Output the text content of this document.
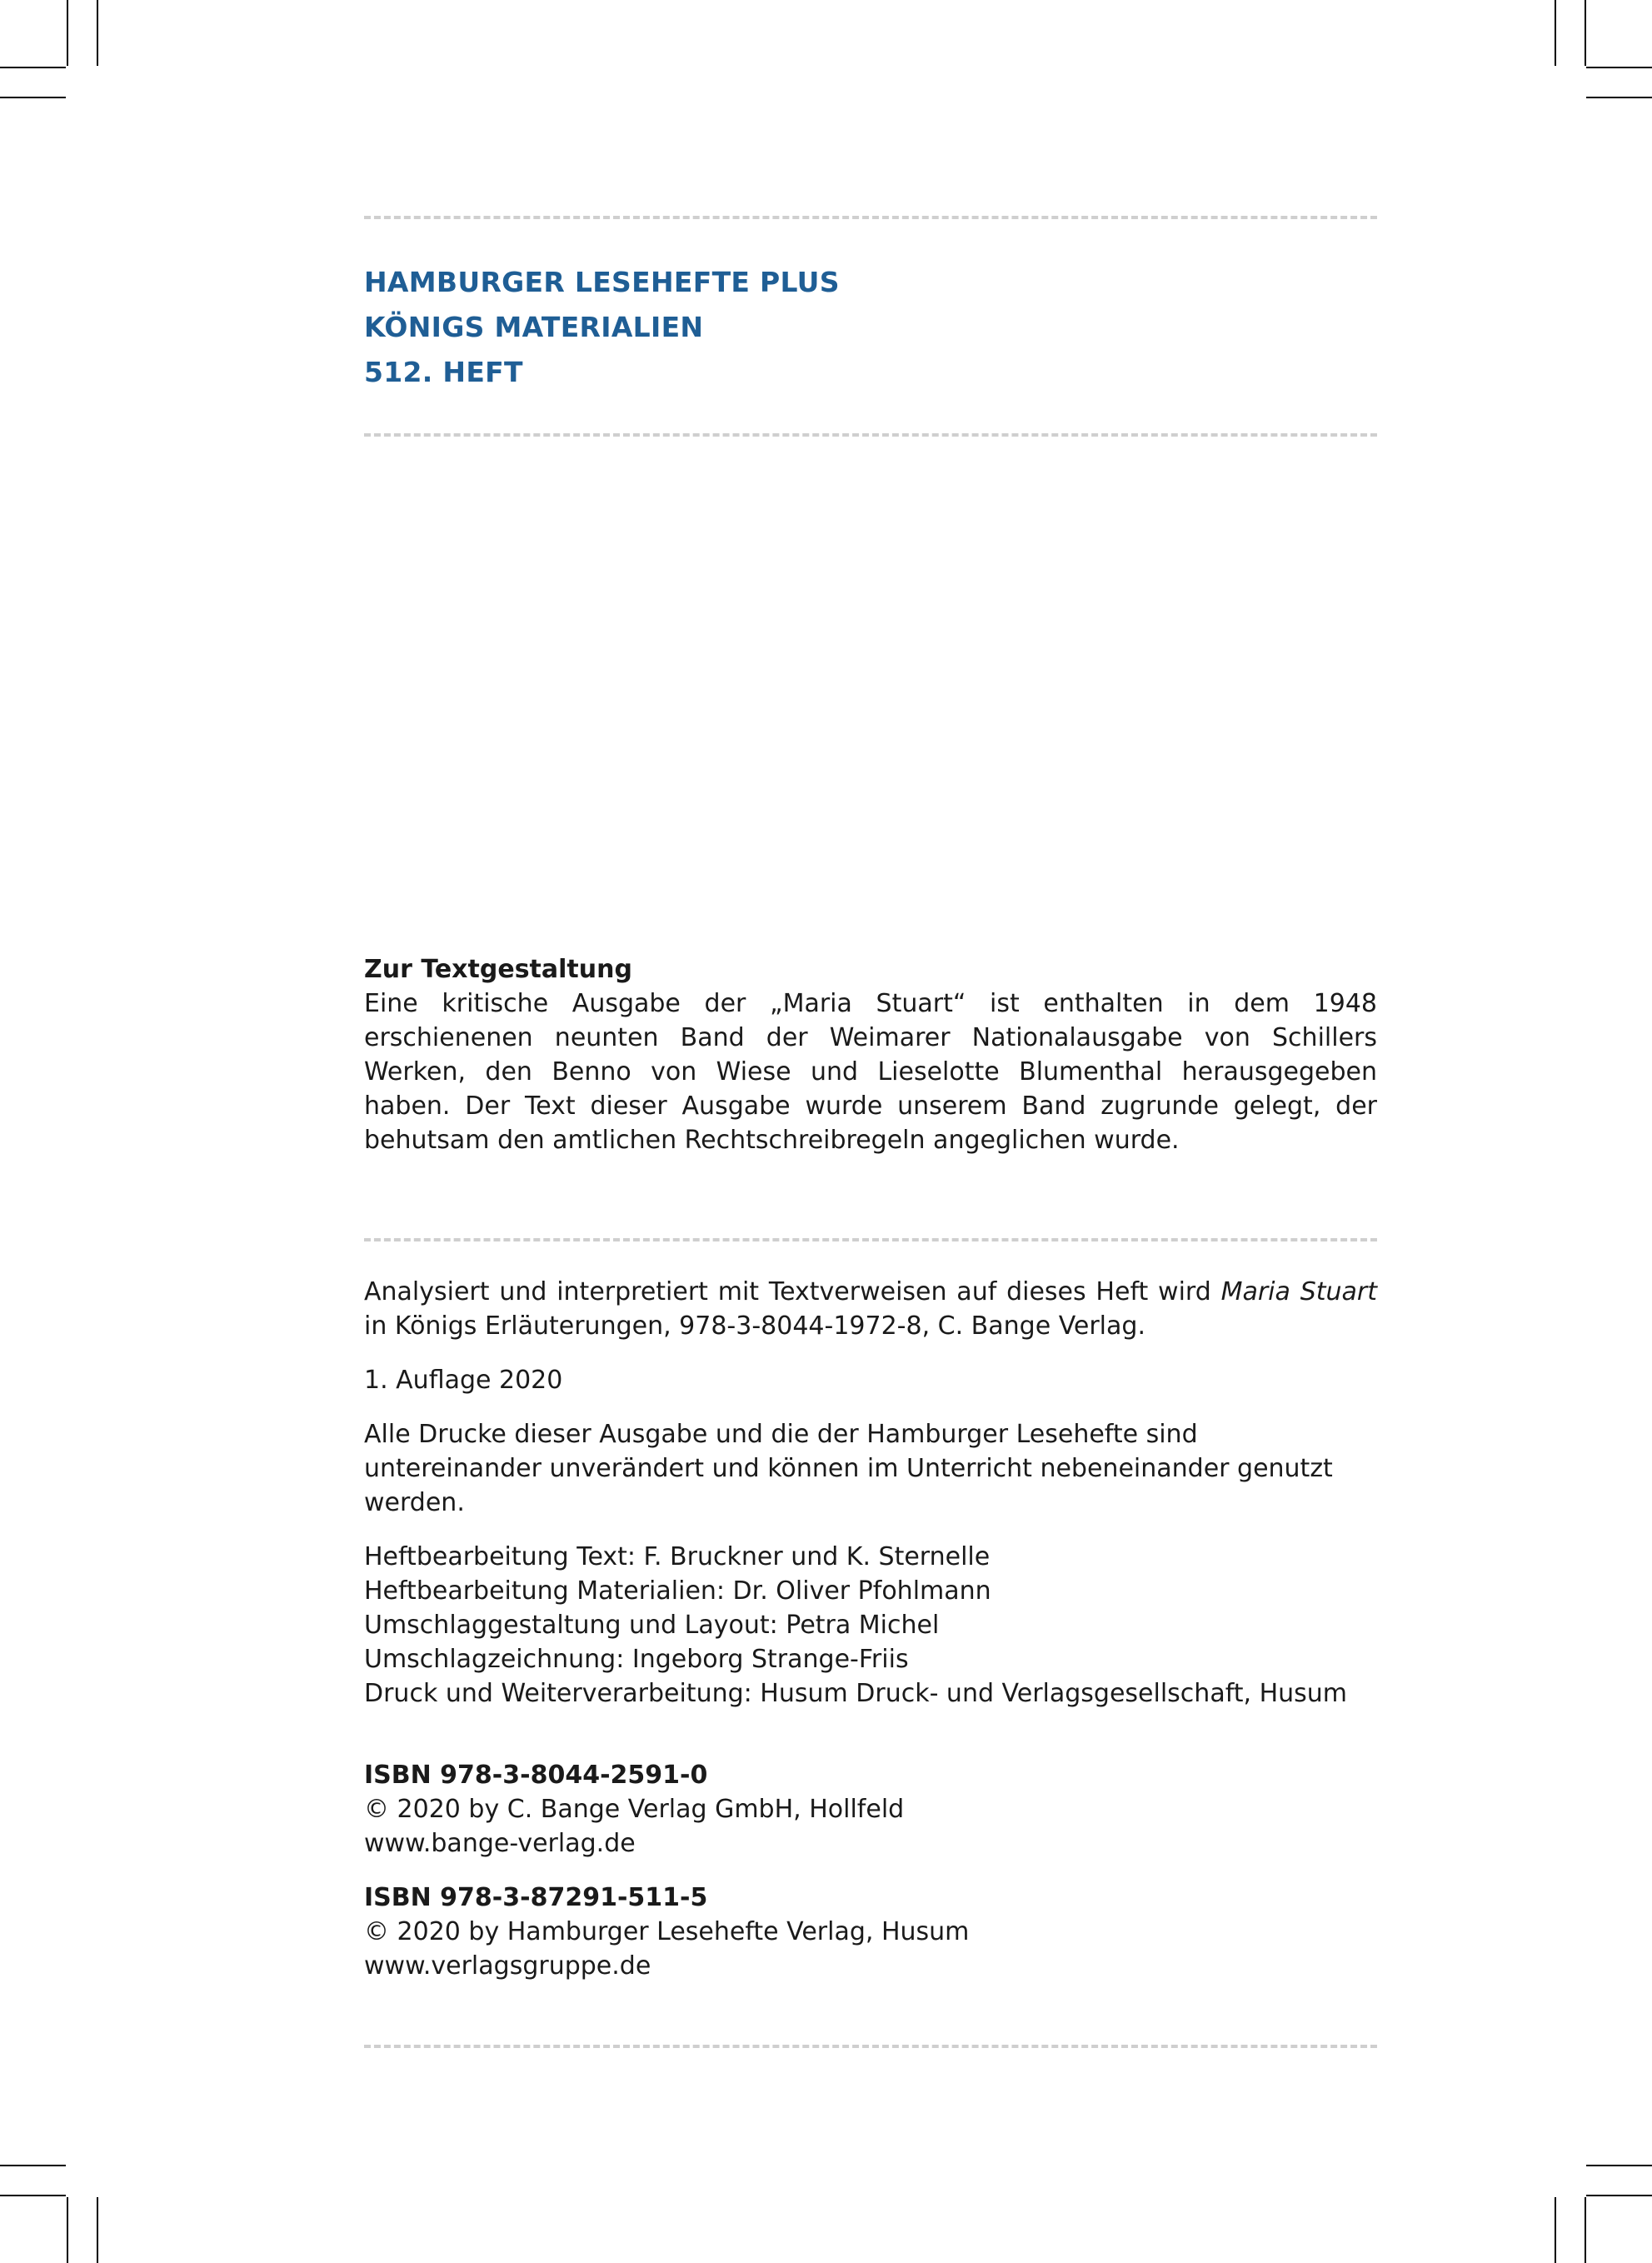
HAMBURGER LESEHEFTE PLUS
KÖNIGS MATERIALIEN
512. HEFT

Zur Textgestaltung

Eine kritische Ausgabe der „Maria Stuart“ ist enthalten in dem 1948 erschienenen neunten Band der Weimarer Nationalausgabe von Schillers Werken, den Benno von Wiese und Lieselotte Blumenthal herausgegeben haben. Der Text dieser Ausgabe wurde unserem Band zugrunde gelegt, der behutsam den amtlichen Rechtschreibregeln angeglichen wurde.

Analysiert und interpretiert mit Textverweisen auf dieses Heft wird Maria Stuart in Königs Erläuterungen, 978-3-8044-1972-8, C. Bange Verlag.

1. Auflage 2020

Alle Drucke dieser Ausgabe und die der Hamburger Lesehefte sind untereinander unverändert und können im Unterricht nebeneinander genutzt werden.

Heftbearbeitung Text: F. Bruckner und K. Sternelle

Heftbearbeitung Materialien: Dr. Oliver Pfohlmann

Umschlaggestaltung und Layout: Petra Michel

Umschlagzeichnung: Ingeborg Strange-Friis

Druck und Weiterverarbeitung: Husum Druck- und Verlagsgesellschaft, Husum

ISBN 978-3-8044-2591-0

© 2020 by C. Bange Verlag GmbH, Hollfeld

www.bange-verlag.de

ISBN 978-3-87291-511-5

© 2020 by Hamburger Lesehefte Verlag, Husum

www.verlagsgruppe.de
